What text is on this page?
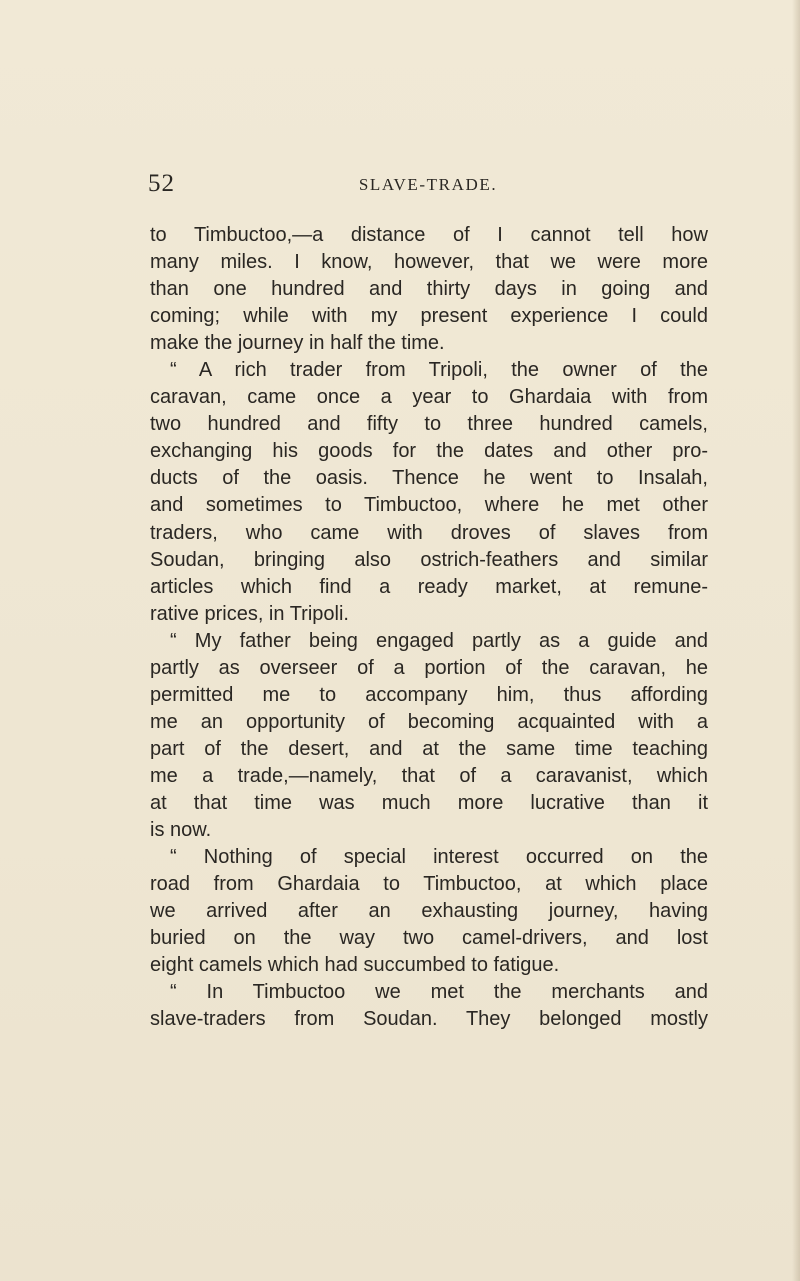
52	SLAVE-TRADE.
to Timbuctoo,—a distance of I cannot tell how
many miles. I know, however, that we were more
than one hundred and thirty days in going and
coming; while with my present experience I could
make the journey in half the time.
“ A rich trader from Tripoli, the owner of the
caravan, came once a year to Ghardaia with from
two hundred and fifty to three hundred camels,
exchanging his goods for the dates and other pro-
ducts of the oasis. Thence he went to Insalah,
and sometimes to Timbuctoo, where he met other
traders, who came with droves of slaves from
Soudan, bringing also ostrich-feathers and similar
articles which find a ready market, at remune-
rative prices, in Tripoli.
“ My father being engaged partly as a guide and
partly as overseer of a portion of the caravan, he
permitted me to accompany him, thus affording
me an opportunity of becoming acquainted with a
part of the desert, and at the same time teaching
me a trade,—namely, that of a caravanist, which
at that time was much more lucrative than it
is now.
“ Nothing of special interest occurred on the
road from Ghardaia to Timbuctoo, at which place
we arrived after an exhausting journey, having
buried on the way two camel-drivers, and lost
eight camels which had succumbed to fatigue.
“ In Timbuctoo we met the merchants and
slave-traders from Soudan. They belonged mostly
